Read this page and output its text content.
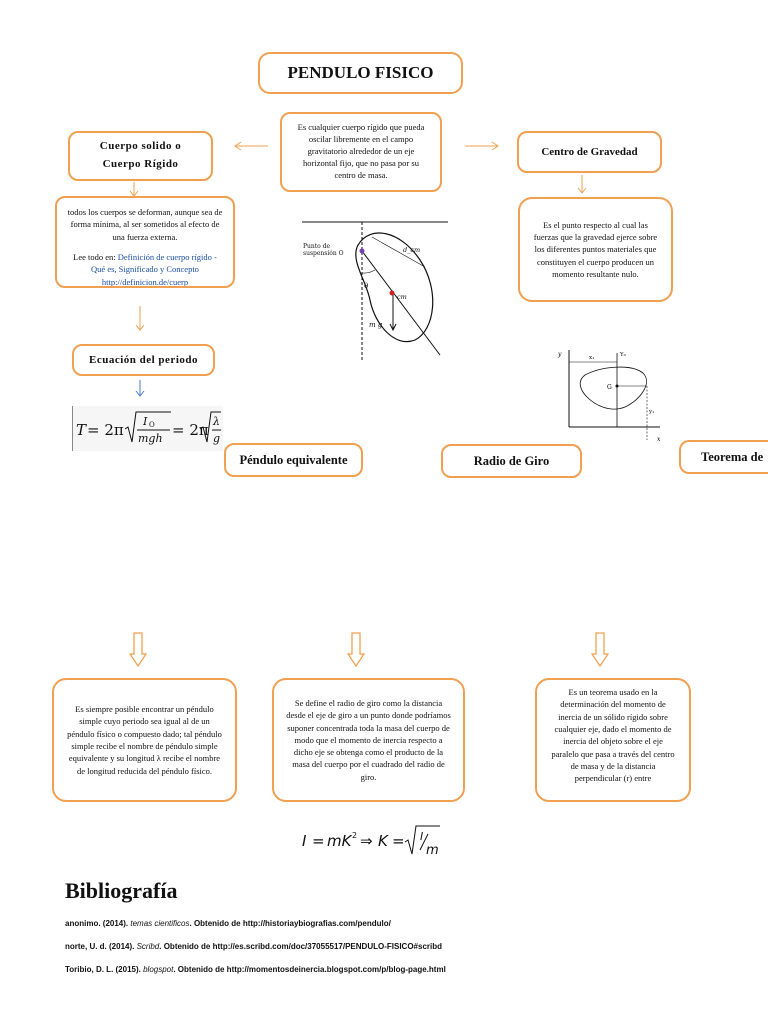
PENDULO FISICO
Es cualquier cuerpo rígido que pueda oscilar libremente en el campo gravitatorio alrededor de un eje horizontal fijo, que no pasa por su centro de masa.
Cuerpo solido o Cuerpo Rígido
todos los cuerpos se deforman, aunque sea de forma mínima, al ser sometidos al efecto de una fuerza externa.
Lee todo en: Definición de cuerpo rígido - Qué es, Significado y Concepto http://definicion.de/cuerp
Ecuación del periodo
T = 2π I O
mgh = 2π λ
g
Punto de suspensión O	d_cm
θ
cm
m g
Centro de Gravedad
Es el punto respecto al cual las fuerzas que la gravedad ejerce sobre los diferentes puntos materiales que constituyen el cuerpo producen un momento resultante nulo.
y
x
x₁	Y₀
y₁
G
Péndulo equivalente	Radio de Giro	Teorema de
Es siempre posible encontrar un péndulo simple cuyo periodo sea igual al de un péndulo físico o compuesto dado; tal péndulo simple recibe el nombre de péndulo simple equivalente y su longitud λ recibe el nombre de longitud reducida del péndulo físico.
Se define el radio de giro como la distancia desde el eje de giro a un punto donde podríamos suponer concentrada toda la masa del cuerpo de modo que el momento de inercia respecto a dicho eje se obtenga como el producto de la masa del cuerpo por el cuadrado del radio de giro.
Es un teorema usado en la determinación del momento de inercia de un sólido rígido sobre cualquier eje, dado el momento de inercia del objeto sobre el eje paralelo que pasa a través del centro de masa y de la distancia perpendicular (r) entre
I = mK 2 ⇒ K = I
m
Bibliografía
anonimo. (2014). temas cientificos. Obtenido de http://historiaybiografias.com/pendulo/
norte, U. d. (2014). Scribd. Obtenido de http://es.scribd.com/doc/37055517/PENDULO-FISICO#scribd
Toribio, D. L. (2015). blogspot. Obtenido de http://momentosdeinercia.blogspot.com/p/blog-page.html
